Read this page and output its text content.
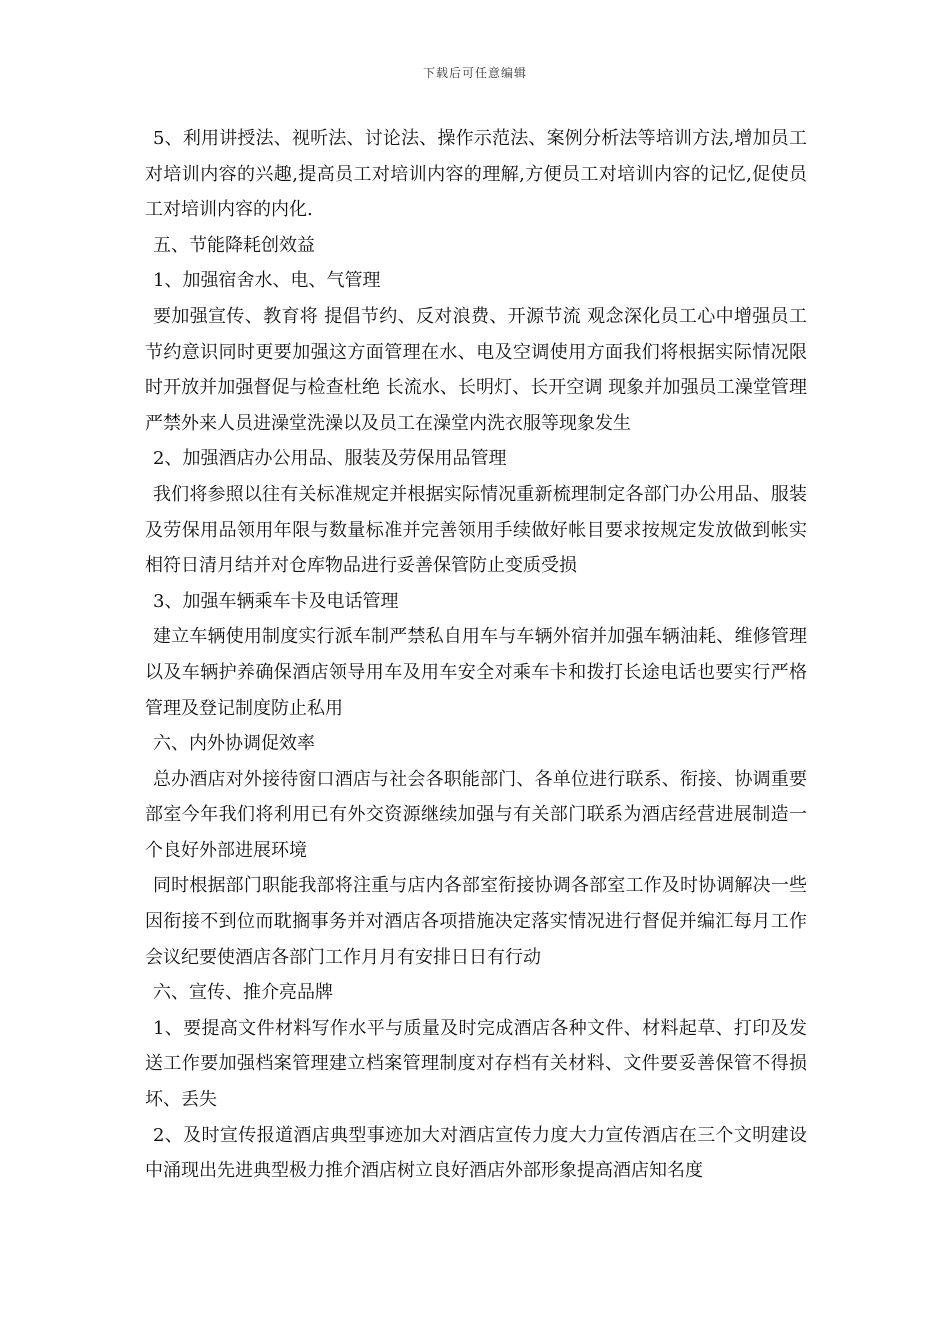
下载后可任意编辑

5、利用讲授法、视听法、讨论法、操作示范法、案例分析法等培训方法,增加员工对培训内容的兴趣,提高员工对培训内容的理解,方便员工对培训内容的记忆,促使员工对培训内容的内化.

五、节能降耗创效益

1、加强宿舍水、电、气管理

要加强宣传、教育将 提倡节约、反对浪费、开源节流 观念深化员工心中增强员工节约意识同时更要加强这方面管理在水、电及空调使用方面我们将根据实际情况限时开放并加强督促与检查杜绝 长流水、长明灯、长开空调 现象并加强员工澡堂管理严禁外来人员进澡堂洗澡以及员工在澡堂内洗衣服等现象发生

2、加强酒店办公用品、服装及劳保用品管理

我们将参照以往有关标准规定并根据实际情况重新梳理制定各部门办公用品、服装及劳保用品领用年限与数量标准并完善领用手续做好帐目要求按规定发放做到帐实相符日清月结并对仓库物品进行妥善保管防止变质受损

3、加强车辆乘车卡及电话管理

建立车辆使用制度实行派车制严禁私自用车与车辆外宿并加强车辆油耗、维修管理以及车辆护养确保酒店领导用车及用车安全对乘车卡和拨打长途电话也要实行严格管理及登记制度防止私用

六、内外协调促效率

总办酒店对外接待窗口酒店与社会各职能部门、各单位进行联系、衔接、协调重要部室今年我们将利用已有外交资源继续加强与有关部门联系为酒店经营进展制造一个良好外部进展环境

同时根据部门职能我部将注重与店内各部室衔接协调各部室工作及时协调解决一些因衔接不到位而耽搁事务并对酒店各项措施决定落实情况进行督促并编汇每月工作会议纪要使酒店各部门工作月月有安排日日有行动

六、宣传、推介亮品牌

1、要提高文件材料写作水平与质量及时完成酒店各种文件、材料起草、打印及发送工作要加强档案管理建立档案管理制度对存档有关材料、文件要妥善保管不得损坏、丢失

2、及时宣传报道酒店典型事迹加大对酒店宣传力度大力宣传酒店在三个文明建设中涌现出先进典型极力推介酒店树立良好酒店外部形象提高酒店知名度
